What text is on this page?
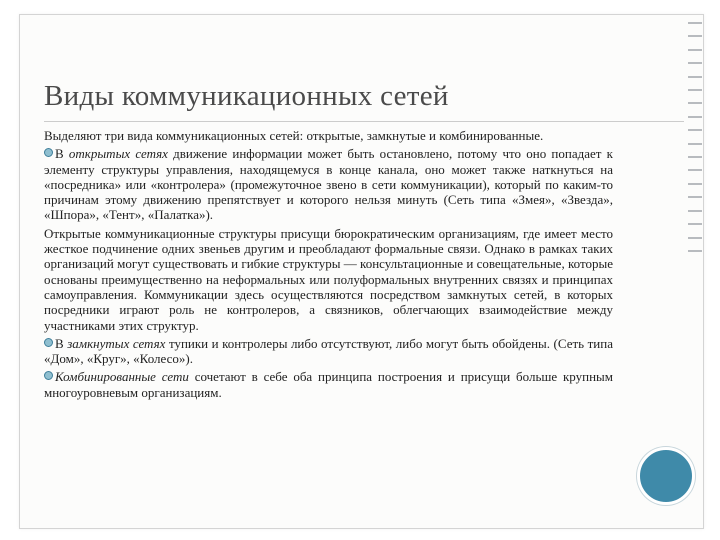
Виды коммуникационных сетей

Выделяют три вида коммуникационных сетей: открытые, замкнутые и комбинированные.

В открытых сетях движение информации может быть остановлено, потому что оно попадает к элементу структуры управления, находящемуся в конце канала, оно может также наткнуться на «посредника» или «контролера» (промежуточное звено в сети коммуникации), который по каким-то причинам этому движению препятствует и которого нельзя минуть (Сеть типа «Змея», «Звезда», «Шпора», «Тент», «Палатка»).

Открытые коммуникационные структуры присущи бюрократическим организациям, где имеет место жесткое подчинение одних звеньев другим и преобладают формальные связи. Однако в рамках таких организаций могут существовать и гибкие структуры — консультационные и совещательные, которые основаны преимущественно на неформальных или полуформальных внутренних связях и принципах самоуправления. Коммуникации здесь осуществляются посредством замкнутых сетей, в которых посредники играют роль не контролеров, а связников, облегчающих взаимодействие между участниками этих структур.

В замкнутых сетях тупики и контролеры либо отсутствуют, либо могут быть обойдены. (Сеть типа «Дом», «Круг», «Колесо»).

Комбинированные сети сочетают в себе оба принципа построения и присущи больше крупным многоуровневым организациям.
